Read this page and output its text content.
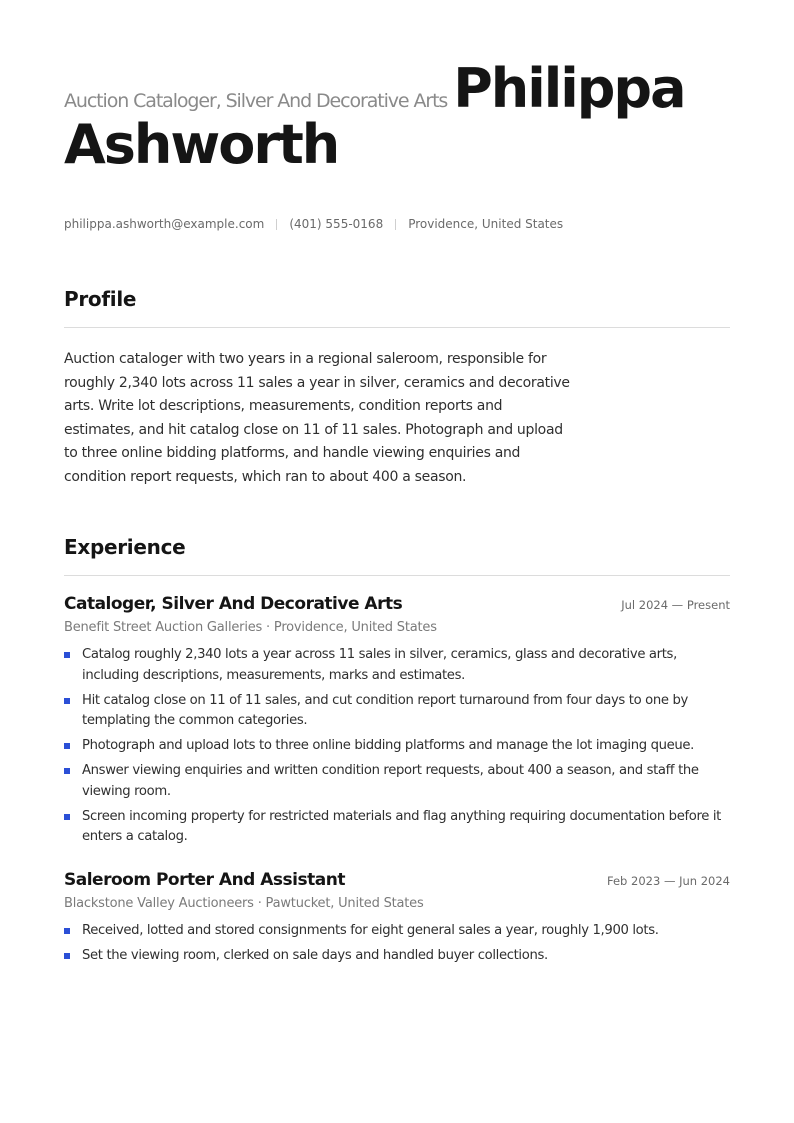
Auction Cataloger, Silver And Decorative Arts Philippa
Ashworth
philippa.ashworth@example.com (401) 555-0168 Providence, United States
Profile
Auction cataloger with two years in a regional saleroom, responsible for roughly 2,340 lots across 11 sales a year in silver, ceramics and decorative arts. Write lot descriptions, measurements, condition reports and estimates, and hit catalog close on 11 of 11 sales. Photograph and upload to three online bidding platforms, and handle viewing enquiries and condition report requests, which ran to about 400 a season.
Experience
Cataloger, Silver And Decorative Arts	Jul 2024 — Present
Benefit Street Auction Galleries · Providence, United States
Catalog roughly 2,340 lots a year across 11 sales in silver, ceramics, glass and decorative arts, including descriptions, measurements, marks and estimates.
Hit catalog close on 11 of 11 sales, and cut condition report turnaround from four days to one by templating the common categories.
Photograph and upload lots to three online bidding platforms and manage the lot imaging queue.
Answer viewing enquiries and written condition report requests, about 400 a season, and staff the viewing room.
Screen incoming property for restricted materials and flag anything requiring documentation before it enters a catalog.
Saleroom Porter And Assistant	Feb 2023 — Jun 2024
Blackstone Valley Auctioneers · Pawtucket, United States
Received, lotted and stored consignments for eight general sales a year, roughly 1,900 lots.
Set the viewing room, clerked on sale days and handled buyer collections.
